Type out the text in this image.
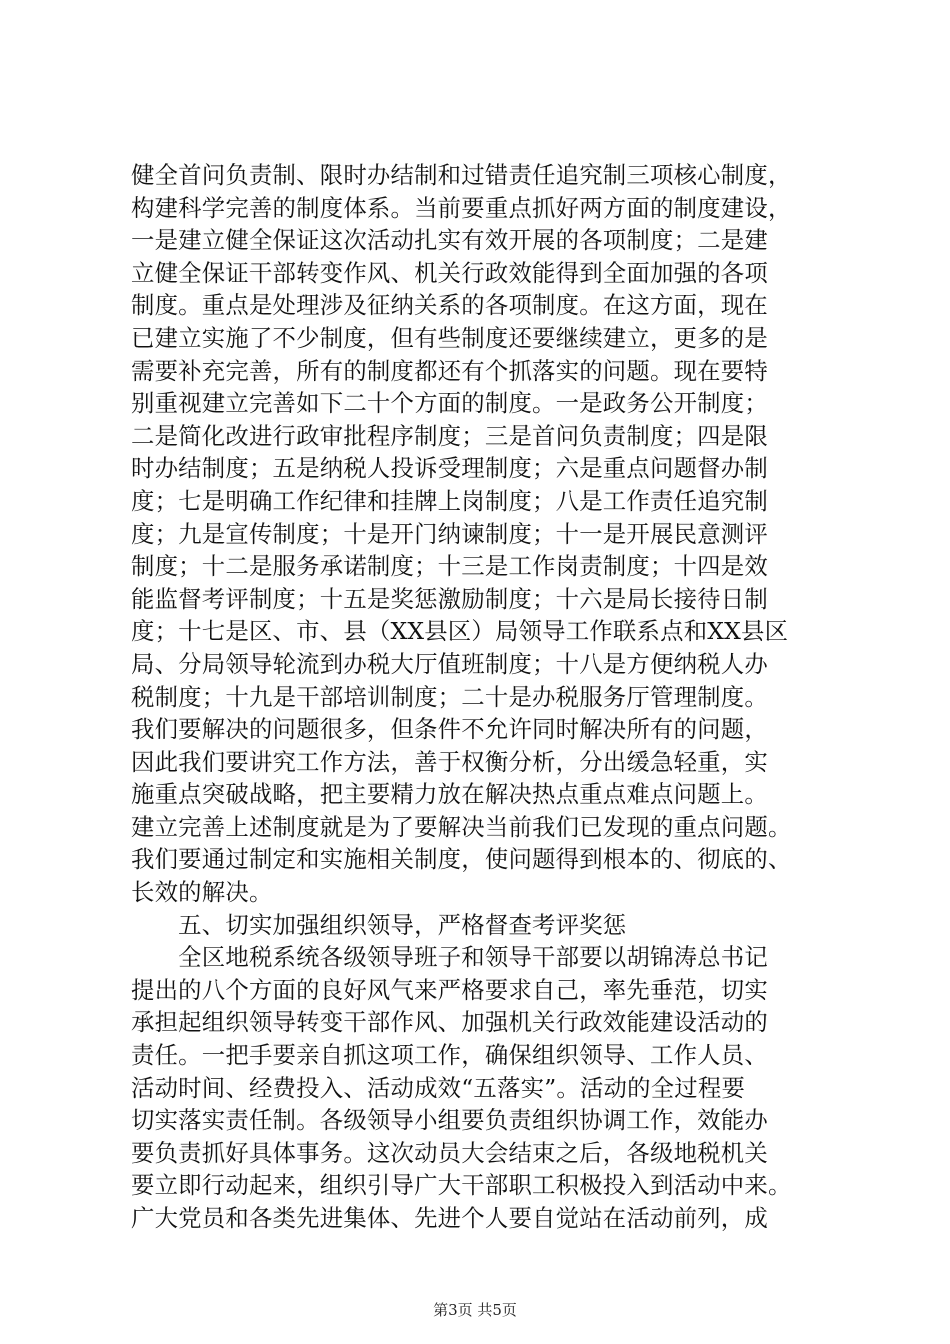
健全首问负责制、限时办结制和过错责任追究制三项核心制度，
构建科学完善的制度体系。当前要重点抓好两方面的制度建设，
一是建立健全保证这次活动扎实有效开展的各项制度；二是建
立健全保证干部转变作风、机关行政效能得到全面加强的各项
制度。重点是处理涉及征纳关系的各项制度。在这方面，现在
已建立实施了不少制度，但有些制度还要继续建立，更多的是
需要补充完善，所有的制度都还有个抓落实的问题。现在要特
别重视建立完善如下二十个方面的制度。一是政务公开制度；
二是简化改进行政审批程序制度；三是首问负责制度；四是限
时办结制度；五是纳税人投诉受理制度；六是重点问题督办制
度；七是明确工作纪律和挂牌上岗制度；八是工作责任追究制
度；九是宣传制度；十是开门纳谏制度；十一是开展民意测评
制度；十二是服务承诺制度；十三是工作岗责制度；十四是效
能监督考评制度；十五是奖惩激励制度；十六是局长接待日制
度；十七是区、市、县（XX县区）局领导工作联系点和XX县区
局、分局领导轮流到办税大厅值班制度；十八是方便纳税人办
税制度；十九是干部培训制度；二十是办税服务厅管理制度。
我们要解决的问题很多，但条件不允许同时解决所有的问题，
因此我们要讲究工作方法，善于权衡分析，分出缓急轻重，实
施重点突破战略，把主要精力放在解决热点重点难点问题上。
建立完善上述制度就是为了要解决当前我们已发现的重点问题。
我们要通过制定和实施相关制度，使问题得到根本的、彻底的、
长效的解决。
　　五、切实加强组织领导，严格督查考评奖惩
　　全区地税系统各级领导班子和领导干部要以胡锦涛总书记
提出的八个方面的良好风气来严格要求自己，率先垂范，切实
承担起组织领导转变干部作风、加强机关行政效能建设活动的
责任。一把手要亲自抓这项工作，确保组织领导、工作人员、
活动时间、经费投入、活动成效“五落实”。活动的全过程要
切实落实责任制。各级领导小组要负责组织协调工作，效能办
要负责抓好具体事务。这次动员大会结束之后，各级地税机关
要立即行动起来，组织引导广大干部职工积极投入到活动中来。
广大党员和各类先进集体、先进个人要自觉站在活动前列，成
第3页 共5页
